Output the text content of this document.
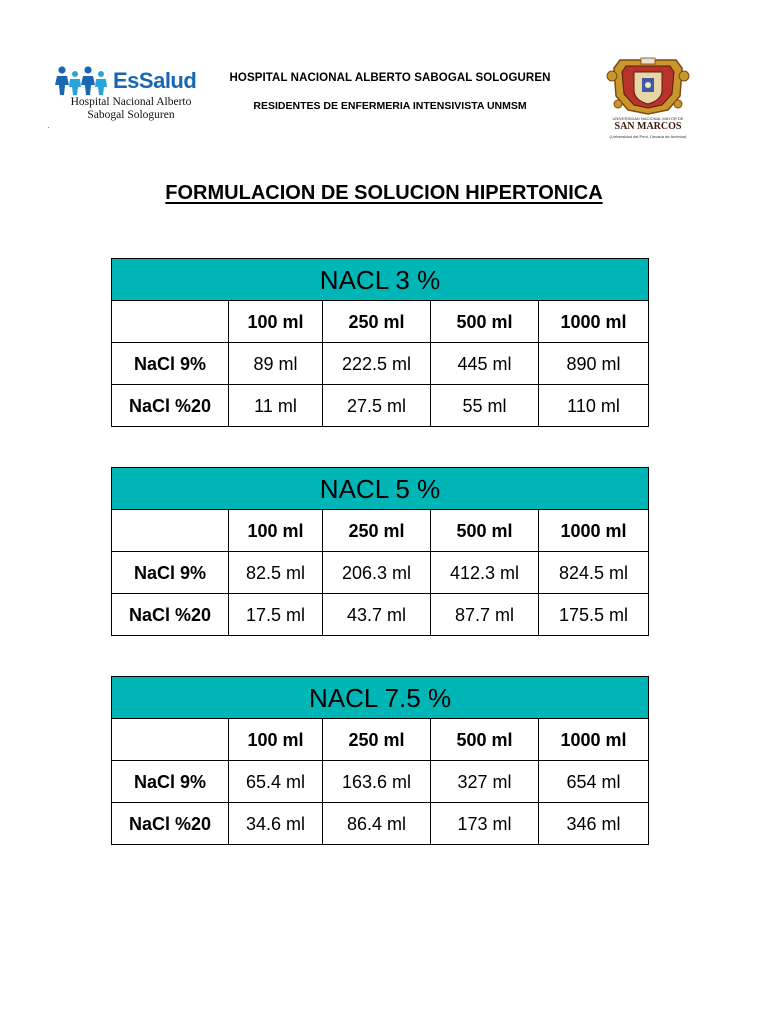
EsSalud
Hospital Nacional Alberto
Sabogal Sologuren
·
HOSPITAL NACIONAL ALBERTO SABOGAL SOLOGUREN
RESIDENTES DE ENFERMERIA INTENSIVISTA UNMSM
UNIVERSIDAD NACIONAL MAYOR DE
SAN MARCOS
(Universidad del Perú, Decana de América)
FORMULACION DE SOLUCION HIPERTONICA
NACL 3 %				
	100 ml	250 ml	500 ml	1000 ml
NaCl 9%	89 ml	222.5 ml	445 ml	890 ml
NaCl %20	11 ml	27.5 ml	55 ml	110 ml
NACL 5 %				
	100 ml	250 ml	500 ml	1000 ml
NaCl 9%	82.5 ml	206.3 ml	412.3 ml	824.5 ml
NaCl %20	17.5 ml	43.7 ml	87.7 ml	175.5 ml
NACL 7.5 %				
	100 ml	250 ml	500 ml	1000 ml
NaCl 9%	65.4 ml	163.6 ml	327 ml	654 ml
NaCl %20	34.6 ml	86.4 ml	173 ml	346 ml
